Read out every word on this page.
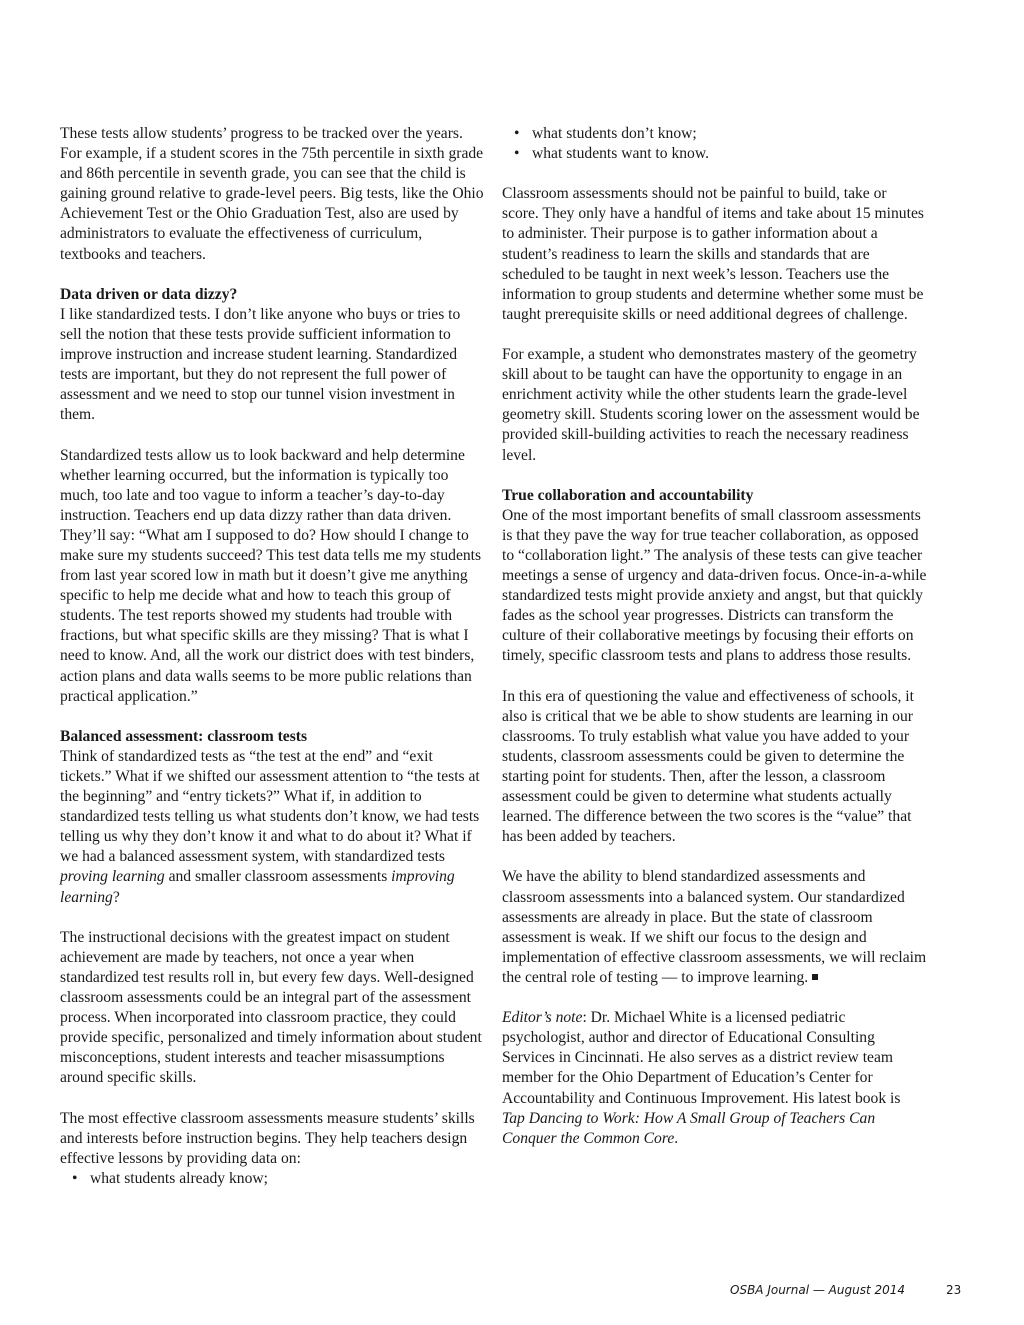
These tests allow students’ progress to be tracked over the years. For example, if a student scores in the 75th percentile in sixth grade and 86th percentile in seventh grade, you can see that the child is gaining ground relative to grade-level peers. Big tests, like the Ohio Achievement Test or the Ohio Graduation Test, also are used by administrators to evaluate the effectiveness of curriculum, textbooks and teachers.

Data driven or data dizzy?

I like standardized tests. I don’t like anyone who buys or tries to sell the notion that these tests provide sufficient information to improve instruction and increase student learning. Standardized tests are important, but they do not represent the full power of assessment and we need to stop our tunnel vision investment in them.

Standardized tests allow us to look backward and help determine whether learning occurred, but the information is typically too much, too late and too vague to inform a teacher’s day-to-day instruction. Teachers end up data dizzy rather than data driven. They’ll say: “What am I supposed to do? How should I change to make sure my students succeed? This test data tells me my students from last year scored low in math but it doesn’t give me anything specific to help me decide what and how to teach this group of students. The test reports showed my students had trouble with fractions, but what specific skills are they missing? That is what I need to know. And, all the work our district does with test binders, action plans and data walls seems to be more public relations than practical application.”

Balanced assessment: classroom tests

Think of standardized tests as “the test at the end” and “exit tickets.” What if we shifted our assessment attention to “the tests at the beginning” and “entry tickets?” What if, in addition to standardized tests telling us what students don’t know, we had tests telling us why they don’t know it and what to do about it? What if we had a balanced assessment system, with standardized tests proving learning and smaller classroom assessments improving learning?

The instructional decisions with the greatest impact on student achievement are made by teachers, not once a year when standardized test results roll in, but every few days. Well-designed classroom assessments could be an integral part of the assessment process. When incorporated into classroom practice, they could provide specific, personalized and timely information about student misconceptions, student interests and teacher misassumptions around specific skills.

The most effective classroom assessments measure students’ skills and interests before instruction begins. They help teachers design effective lessons by providing data on:

• what students already know;
• what students don’t know;
• what students want to know.

Classroom assessments should not be painful to build, take or score. They only have a handful of items and take about 15 minutes to administer. Their purpose is to gather information about a student’s readiness to learn the skills and standards that are scheduled to be taught in next week’s lesson. Teachers use the information to group students and determine whether some must be taught prerequisite skills or need additional degrees of challenge.

For example, a student who demonstrates mastery of the geometry skill about to be taught can have the opportunity to engage in an enrichment activity while the other students learn the grade-level geometry skill. Students scoring lower on the assessment would be provided skill-building activities to reach the necessary readiness level.

True collaboration and accountability

One of the most important benefits of small classroom assessments is that they pave the way for true teacher collaboration, as opposed to “collaboration light.” The analysis of these tests can give teacher meetings a sense of urgency and data-driven focus. Once-in-a-while standardized tests might provide anxiety and angst, but that quickly fades as the school year progresses. Districts can transform the culture of their collaborative meetings by focusing their efforts on timely, specific classroom tests and plans to address those results.

In this era of questioning the value and effectiveness of schools, it also is critical that we be able to show students are learning in our classrooms. To truly establish what value you have added to your students, classroom assessments could be given to determine the starting point for students. Then, after the lesson, a classroom assessment could be given to determine what students actually learned. The difference between the two scores is the “value” that has been added by teachers.

We have the ability to blend standardized assessments and classroom assessments into a balanced system. Our standardized assessments are already in place. But the state of classroom assessment is weak. If we shift our focus to the design and implementation of effective classroom assessments, we will reclaim the central role of testing — to improve learning.

Editor’s note: Dr. Michael White is a licensed pediatric psychologist, author and director of Educational Consulting Services in Cincinnati. He also serves as a district review team member for the Ohio Department of Education’s Center for Accountability and Continuous Improvement. His latest book is Tap Dancing to Work: How A Small Group of Teachers Can Conquer the Common Core.

OSBA Journal — August 2014	23
